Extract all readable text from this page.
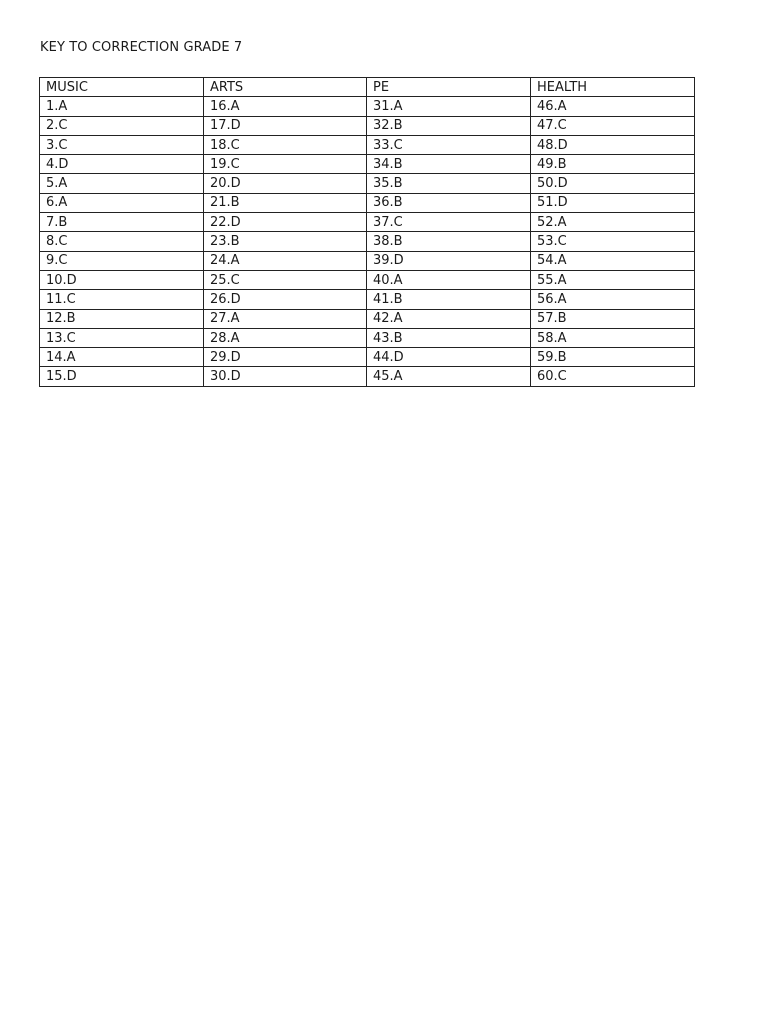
KEY TO CORRECTION GRADE 7
MUSIC	ARTS	PE	HEALTH
1.A	16.A	31.A	46.A
2.C	17.D	32.B	47.C
3.C	18.C	33.C	48.D
4.D	19.C	34.B	49.B
5.A	20.D	35.B	50.D
6.A	21.B	36.B	51.D
7.B	22.D	37.C	52.A
8.C	23.B	38.B	53.C
9.C	24.A	39.D	54.A
10.D	25.C	40.A	55.A
11.C	26.D	41.B	56.A
12.B	27.A	42.A	57.B
13.C	28.A	43.B	58.A
14.A	29.D	44.D	59.B
15.D	30.D	45.A	60.C
